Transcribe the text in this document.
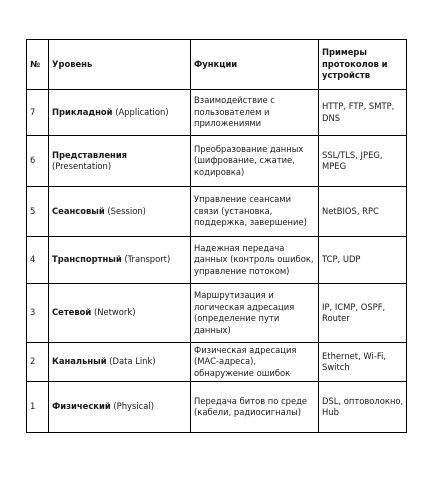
№	Уровень	Функции	Примеры протоколов и устройств
7	Прикладной (Application)	Взаимодействие с пользователем и приложениями	HTTP, FTP, SMTP, DNS
6	Представления (Presentation)	Преобразование данных (шифрование, сжатие, кодировка)	SSL/TLS, JPEG, MPEG
5	Сеансовый (Session)	Управление сеансами связи (установка, поддержка, завершение)	NetBIOS, RPC
4	Транспортный (Transport)	Надежная передача данных (контроль ошибок, управление потоком)	TCP, UDP
3	Сетевой (Network)	Маршрутизация и логическая адресация (определение пути данных)	IP, ICMP, OSPF, Router
2	Канальный (Data Link)	Физическая адресация (MAC-адреса), обнаружение ошибок	Ethernet, Wi-Fi, Switch
1	Физический (Physical)	Передача битов по среде (кабели, радиосигналы)	DSL, оптоволокно, Hub
